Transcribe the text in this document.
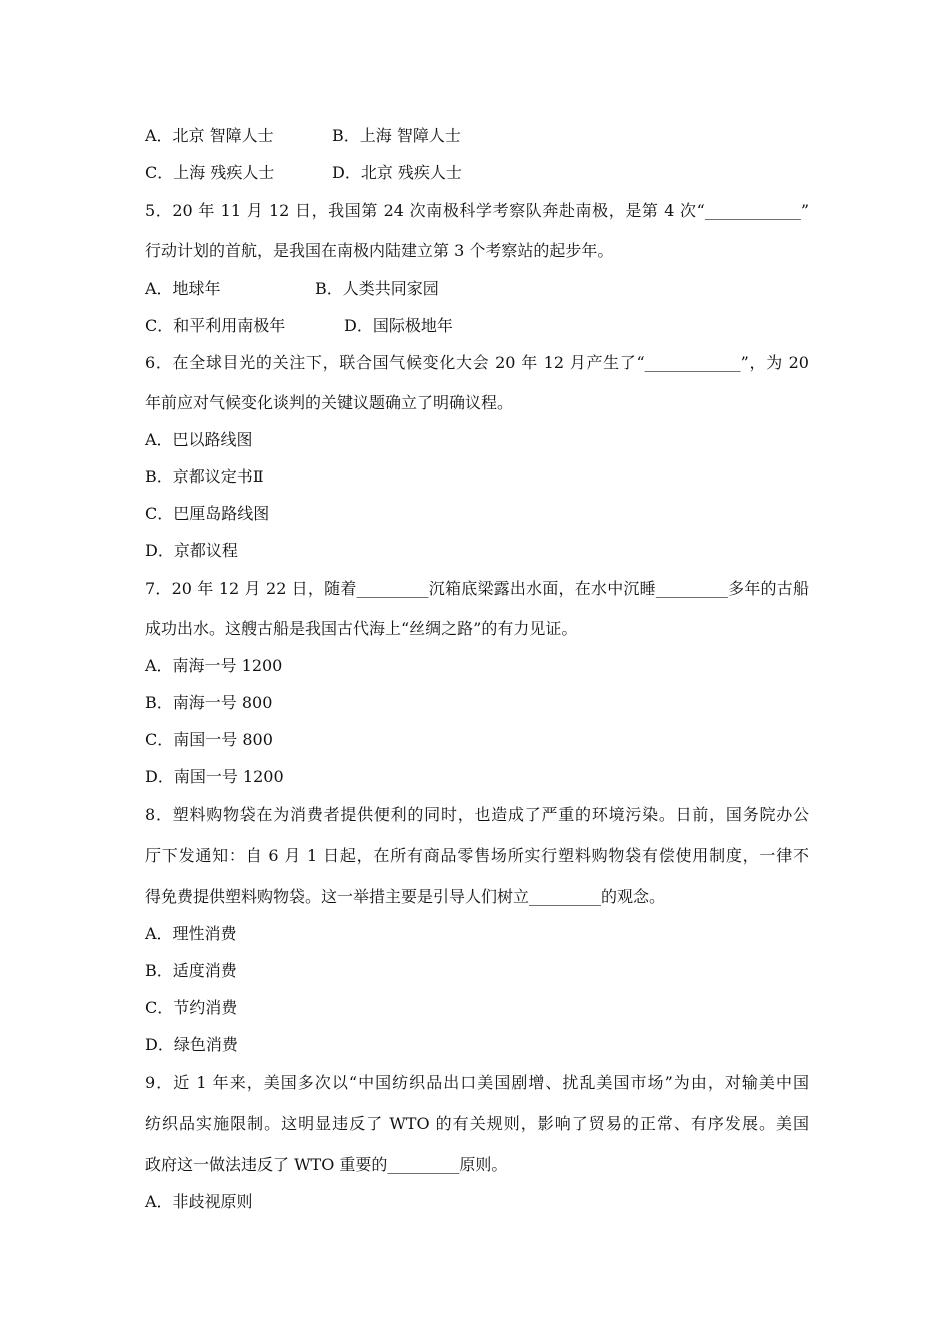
A．北京 智障人士	B．上海 智障人士
C．上海 残疾人士	D．北京 残疾人士
5．20 年 11 月 12 日，我国第 24 次南极科学考察队奔赴南极，是第 4 次“____________”
行动计划的首航，是我国在南极内陆建立第 3 个考察站的起步年。
A．地球年	B．人类共同家园
C．和平利用南极年	D．国际极地年
6．在全球目光的关注下，联合国气候变化大会 20 年 12 月产生了“____________”，为 20
年前应对气候变化谈判的关键议题确立了明确议程。
A．巴以路线图
B．京都议定书Ⅱ
C．巴厘岛路线图
D．京都议程
7．20 年 12 月 22 日，随着_________沉箱底梁露出水面，在水中沉睡_________多年的古船
成功出水。这艘古船是我国古代海上“丝绸之路”的有力见证。
A．南海一号 1200
B．南海一号 800
C．南国一号 800
D．南国一号 1200
8．塑料购物袋在为消费者提供便利的同时，也造成了严重的环境污染。日前，国务院办公
厅下发通知：自 6 月 1 日起，在所有商品零售场所实行塑料购物袋有偿使用制度，一律不
得免费提供塑料购物袋。这一举措主要是引导人们树立_________的观念。
A．理性消费
B．适度消费
C．节约消费
D．绿色消费
9．近 1 年来，美国多次以“中国纺织品出口美国剧增、扰乱美国市场”为由，对输美中国
纺织品实施限制。这明显违反了 WTO 的有关规则，影响了贸易的正常、有序发展。美国
政府这一做法违反了 WTO 重要的_________原则。
A．非歧视原则
